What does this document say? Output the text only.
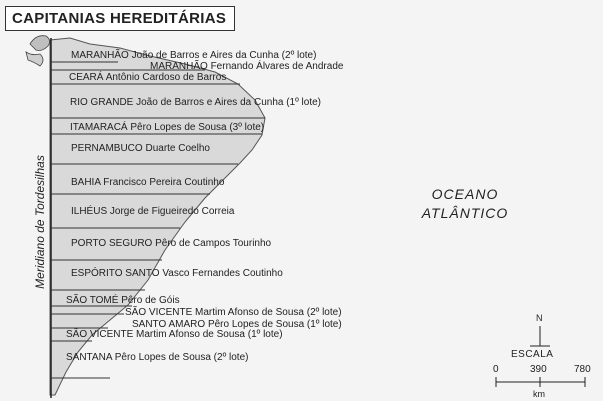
CAPITANIAS HEREDITÁRIAS
Meridiano de Tordesilhas	OCEANO
ATLÂNTICO
MARANHÃO João de Barros e Aires da Cunha (2º lote)
MARANHÃO Fernando Álvares de Andrade
CEARÁ Antônio Cardoso de Barros
RIO GRANDE João de Barros e Aires da Cunha (1º lote)
ITAMARACÁ Pêro Lopes de Sousa (3º lote)
PERNAMBUCO Duarte Coelho
BAHIA Francisco Pereira Coutinho
ILHÉUS Jorge de Figueiredo Correia
PORTO SEGURO Pêro de Campos Tourinho
ESPÓRITO SANTO Vasco Fernandes Coutinho
SÃO TOMÉ Pêro de Góis
SÃO VICENTE Martim Afonso de Sousa (2º lote)
SANTO AMARO Pêro Lopes de Sousa (1º lote)
SÃO VICENTE Martim Afonso de Sousa (1º lote)
SANTANA Pêro Lopes de Sousa (2º lote)
N
ESCALA
0	390	780
km
